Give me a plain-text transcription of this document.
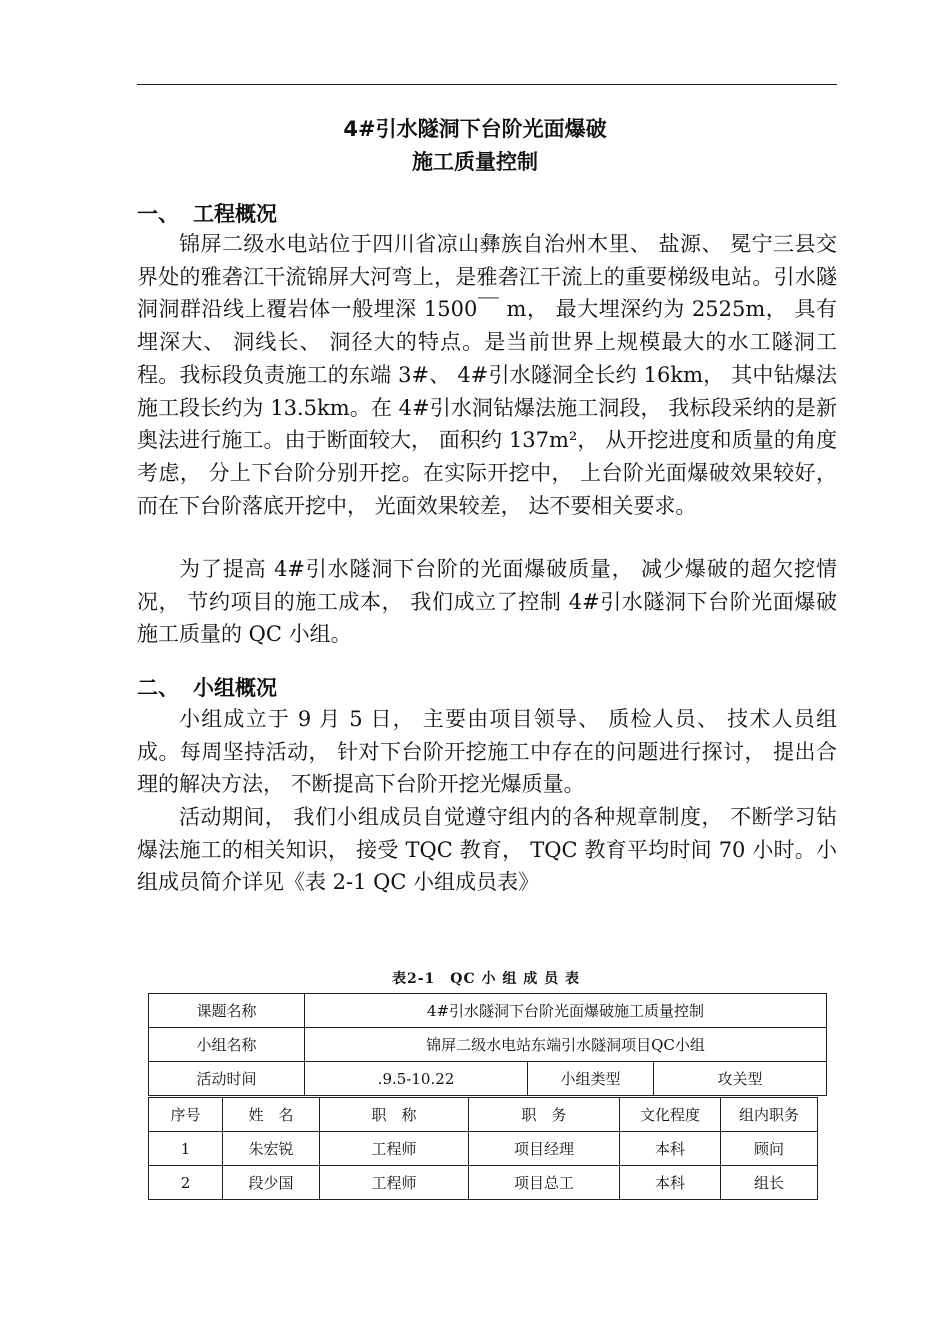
4#引水隧洞下台阶光面爆破
施工质量控制
一、 工程概况

锦屏二级水电站位于四川省凉山彝族自治州木里、 盐源、 冕宁三县交界处的雅砻江干流锦屏大河弯上，是雅砻江干流上的重要梯级电站。引水隧洞洞群沿线上覆岩体一般埋深 1500￣ m， 最大埋深约为 2525m， 具有埋深大、 洞线长、 洞径大的特点。是当前世界上规模最大的水工隧洞工程。我标段负责施工的东端 3#、 4#引水隧洞全长约 16km， 其中钻爆法施工段长约为 13.5km。在 4#引水洞钻爆法施工洞段， 我标段采纳的是新奥法进行施工。由于断面较大， 面积约 137m²， 从开挖进度和质量的角度考虑， 分上下台阶分别开挖。在实际开挖中， 上台阶光面爆破效果较好， 而在下台阶落底开挖中， 光面效果较差， 达不要相关要求。

为了提高 4#引水隧洞下台阶的光面爆破质量， 减少爆破的超欠挖情况， 节约项目的施工成本， 我们成立了控制 4#引水隧洞下台阶光面爆破施工质量的 QC 小组。

二、 小组概况

小组成立于 9 月 5 日， 主要由项目领导、 质检人员、 技术人员组成。每周坚持活动， 针对下台阶开挖施工中存在的问题进行探讨， 提出合理的解决方法， 不断提高下台阶开挖光爆质量。

活动期间， 我们小组成员自觉遵守组内的各种规章制度， 不断学习钻爆法施工的相关知识， 接受 TQC 教育， TQC 教育平均时间 70 小时。小组成员简介详见《表 2-1 QC 小组成员表》

表2-1　QC 小 组 成 员 表
课题名称	4#引水隧洞下台阶光面爆破施工质量控制		
小组名称	锦屏二级水电站东端引水隧洞项目QC小组		
活动时间	.9.5-10.22	小组类型	攻关型
序号	姓　名	职　称	职　务	文化程度	组内职务
1	朱宏锐	工程师	项目经理	本科	顾问
2	段少国	工程师	项目总工	本科	组长
